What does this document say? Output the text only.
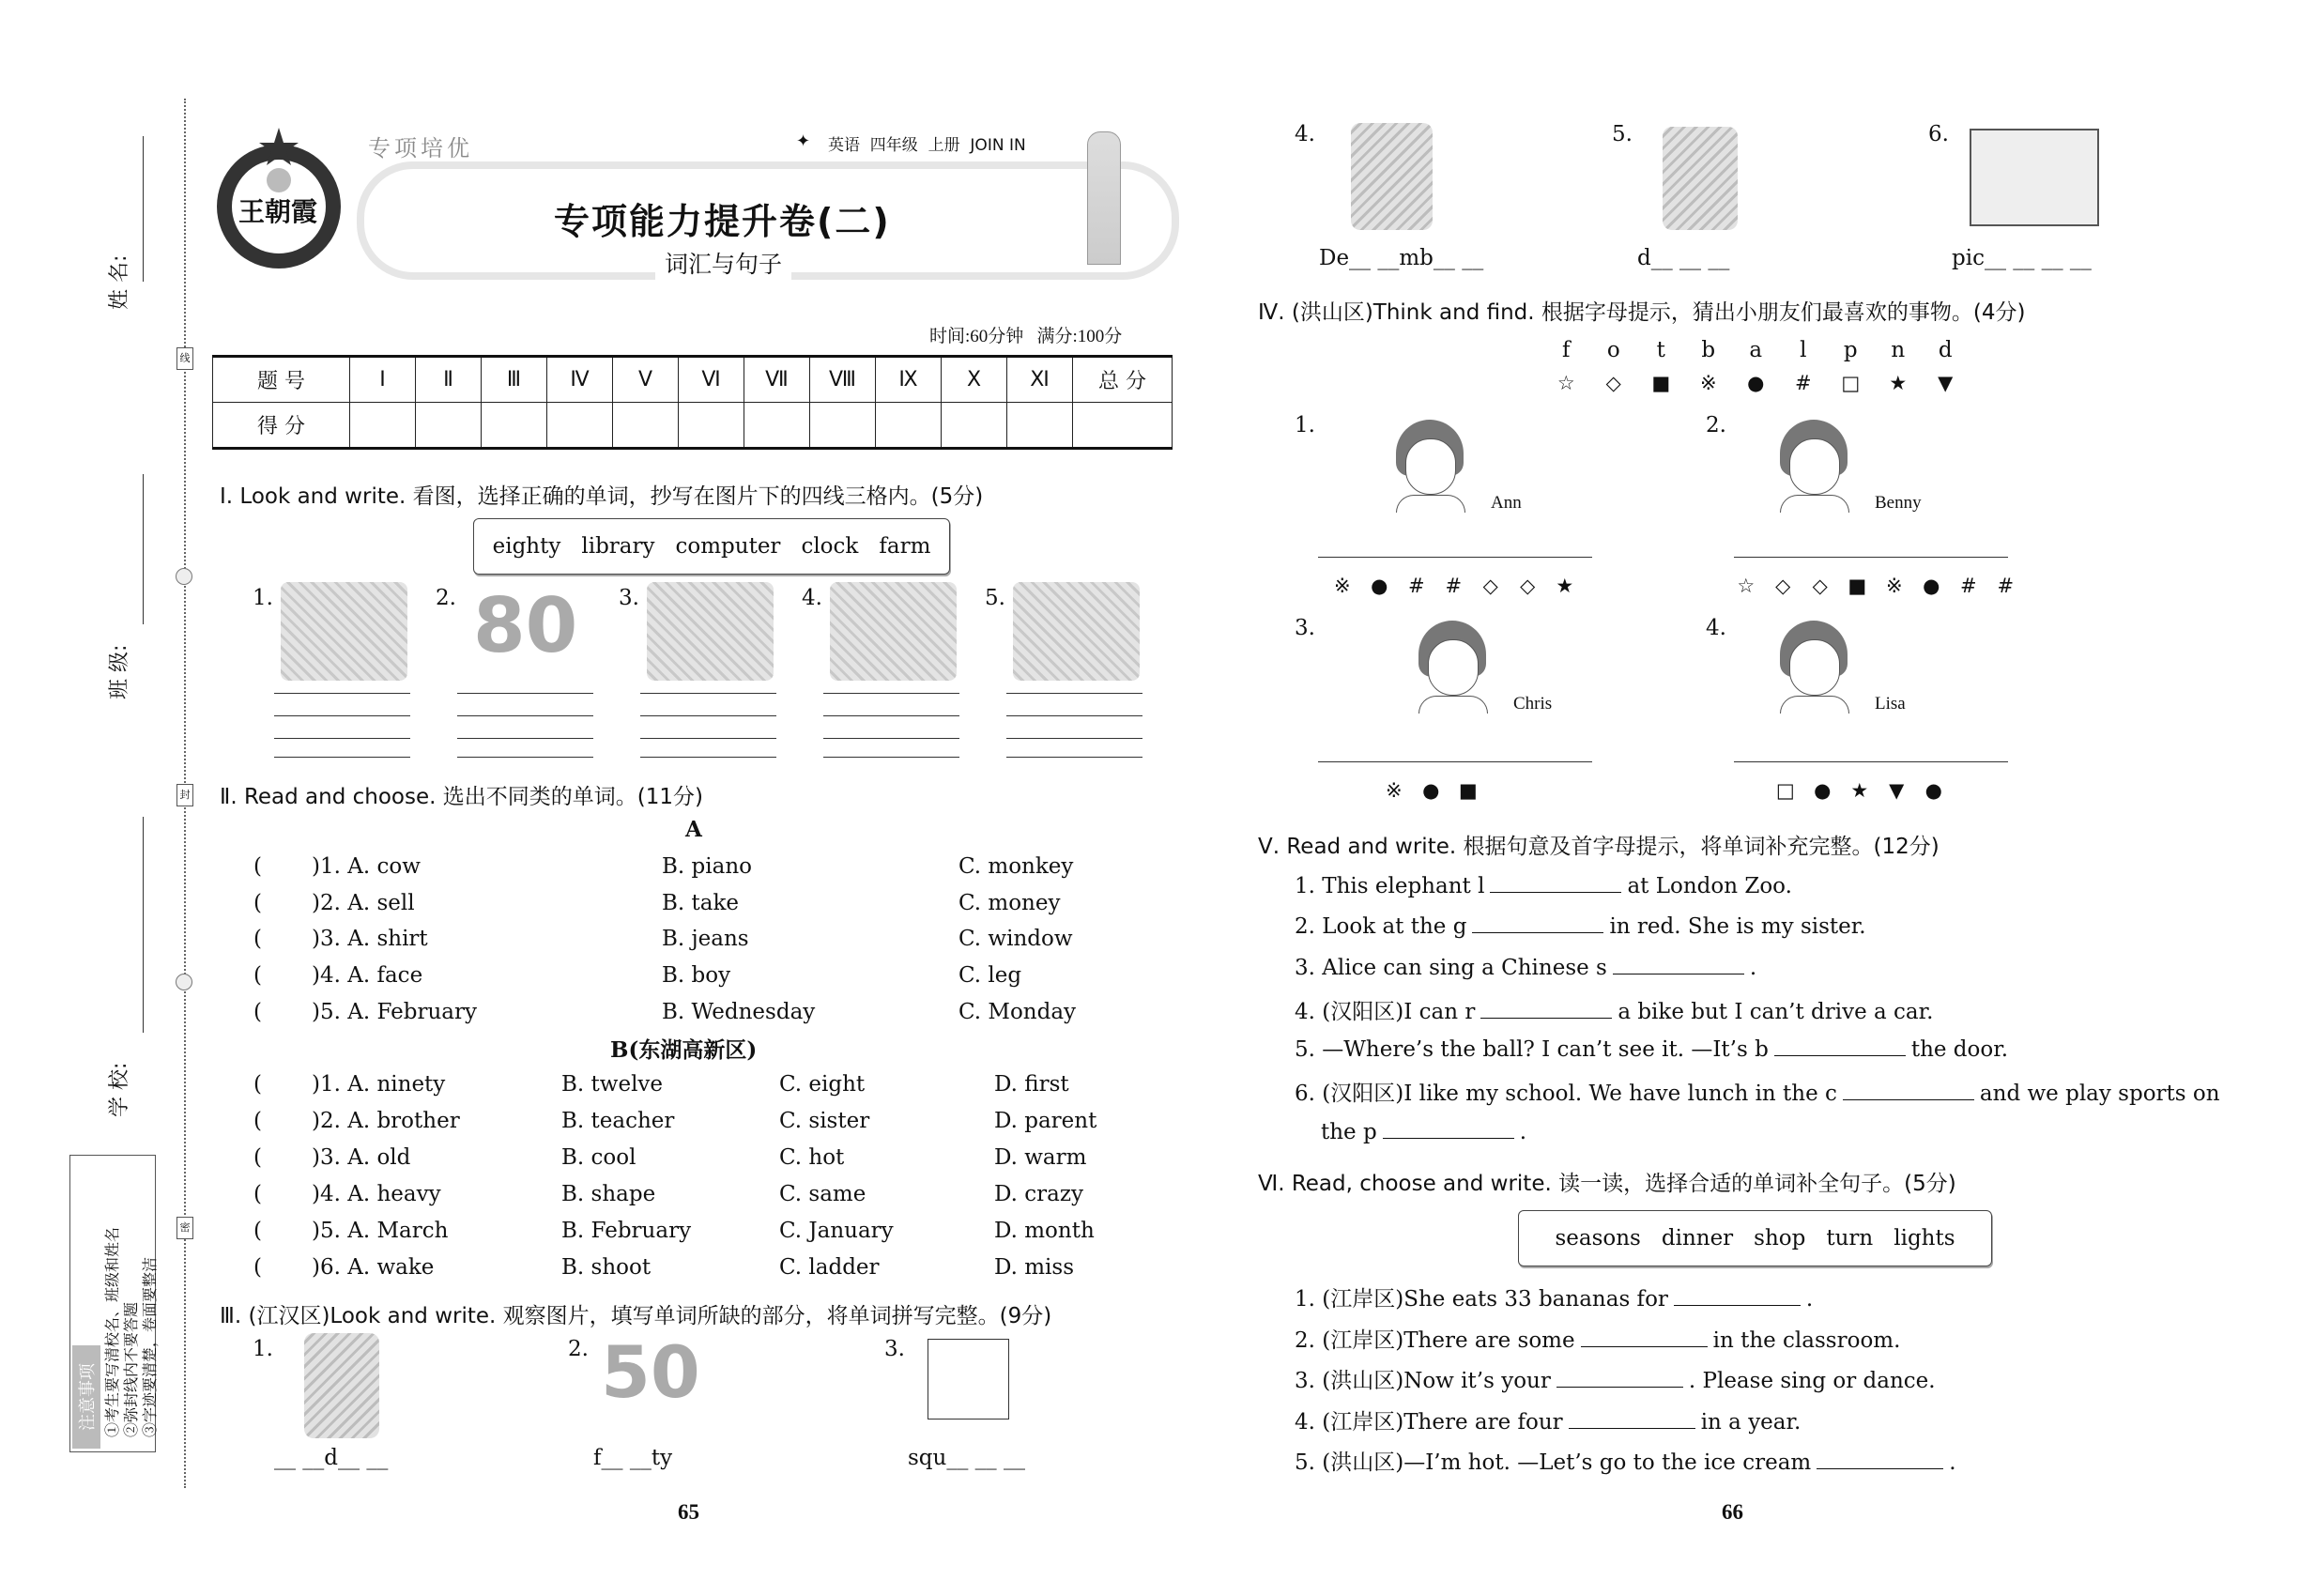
线
封
密
姓 名:
班 级:
学 校:
注意事项 ①考生要写清校名、班级和姓名 ②弥封线内不要答题 ③字迹要清楚，卷面要整洁
王朝霞
专项培优	✦ 英语  四年级  上册  JOIN IN
专项能力提升卷(二)
词汇与句子
时间:60分钟   满分:100分
题 号	Ⅰ	Ⅱ	Ⅲ	Ⅳ	Ⅴ	Ⅵ	Ⅶ	Ⅷ	Ⅸ	Ⅹ	Ⅺ	总 分
得 分												
Ⅰ. Look and write. 看图，选择正确的单词，抄写在图片下的四线三格内。(5分)
eighty library computer clock farm
1.	2. 80 3.	4.	5.
Ⅱ. Read and choose. 选出不同类的单词。(11分)
A
B(东湖高新区)
( )1. A. cow	B. piano	C. monkey
( )2. A. sell	B. take	C. money
( )3. A. shirt	B. jeans	C. window
( )4. A. face	B. boy	C. leg
( )5. A. February	B. Wednesday	C. Monday
( )1. A. ninety	B. twelve	C. eight	D. first
( )2. A. brother	B. teacher	C. sister	D. parent
( )3. A. old	B. cool	C. hot	D. warm
( )4. A. heavy	B. shape	C. same	D. crazy
( )5. A. March	B. February	C. January	D. month
( )6. A. wake	B. shoot	C. ladder	D. miss
Ⅲ. (江汉区)Look and write. 观察图片，填写单词所缺的部分，将单词拼写完整。(9分)
1.
__ __d__ __
2. 50
f__ __ty
3.
squ__ __ __
4.
De__ __mb__ __
5.
d__ __ __
6.
pic__ __ __ __
65
Ⅳ. (洪山区)Think and find. 根据字母提示，猜出小朋友们最喜欢的事物。(4分)
f o t b a l p n d
☆ ◇ ■ ※ ● # □ ★ ▼
1.
Ann
※ ● # # ◇ ◇ ★
2.
Benny
☆ ◇ ◇ ■ ※ ● # #
3.
Chris
※ ● ■
4.
Lisa
□ ● ★ ▼ ●
Ⅴ. Read and write. 根据句意及首字母提示，将单词补充完整。(12分)
1. This elephant l	at London Zoo.
2. Look at the g	in red. She is my sister.
3. Alice can sing a Chinese s	.
4. (汉阳区)I can r	a bike but I can’t drive a car.
5. —Where’s the ball? I can’t see it. —It’s b	the door.
6. (汉阳区)I like my school. We have lunch in the c	and we play sports on
the p	.
Ⅵ. Read, choose and write. 读一读，选择合适的单词补全句子。(5分)
seasons dinner shop turn lights
1. (江岸区)She eats 33 bananas for	.
2. (江岸区)There are some	in the classroom.
3. (洪山区)Now it’s your	. Please sing or dance.
4. (江岸区)There are four	in a year.
5. (洪山区)—I’m hot. —Let’s go to the ice cream	.
66
